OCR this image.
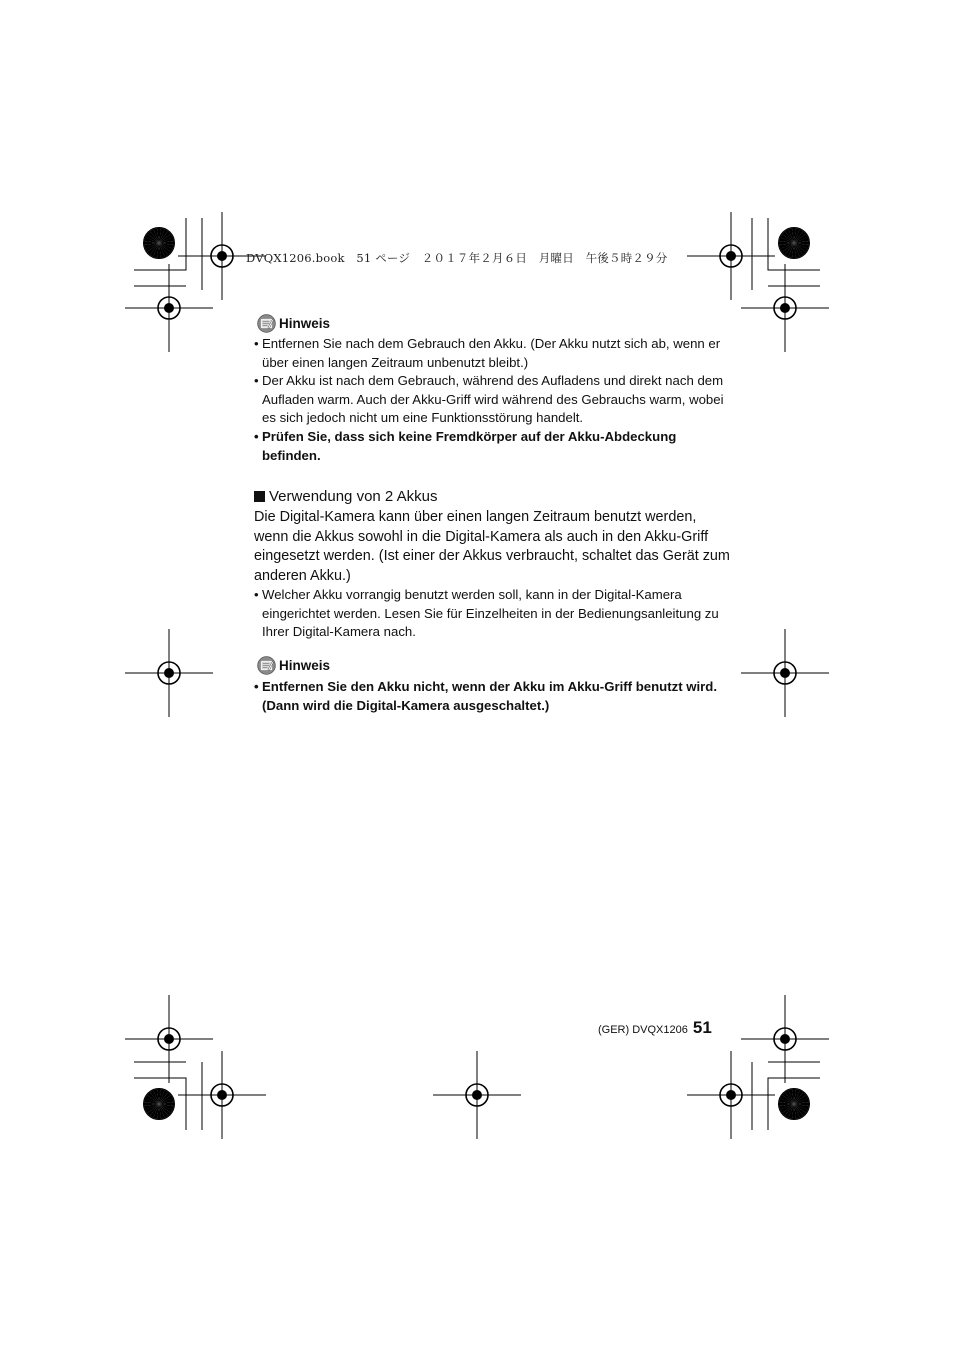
DVQX1206.book　51 ページ　２０１７年２月６日　月曜日　午後５時２９分
Hinweis
• Entfernen Sie nach dem Gebrauch den Akku. (Der Akku nutzt sich ab, wenn er über einen langen Zeitraum unbenutzt bleibt.)
• Der Akku ist nach dem Gebrauch, während des Aufladens und direkt nach dem Aufladen warm. Auch der Akku-Griff wird während des Gebrauchs warm, wobei es sich jedoch nicht um eine Funktionsstörung handelt.
• Prüfen Sie, dass sich keine Fremdkörper auf der Akku-Abdeckung befinden.
Verwendung von 2 Akkus
Die Digital-Kamera kann über einen langen Zeitraum benutzt werden, wenn die Akkus sowohl in die Digital-Kamera als auch in den Akku-Griff eingesetzt werden. (Ist einer der Akkus verbraucht, schaltet das Gerät zum anderen Akku.)
• Welcher Akku vorrangig benutzt werden soll, kann in der Digital-Kamera eingerichtet werden. Lesen Sie für Einzelheiten in der Bedienungsanleitung zu Ihrer Digital-Kamera nach.
Hinweis
• Entfernen Sie den Akku nicht, wenn der Akku im Akku-Griff benutzt wird. (Dann wird die Digital-Kamera ausgeschaltet.)
(GER) DVQX1206 51
